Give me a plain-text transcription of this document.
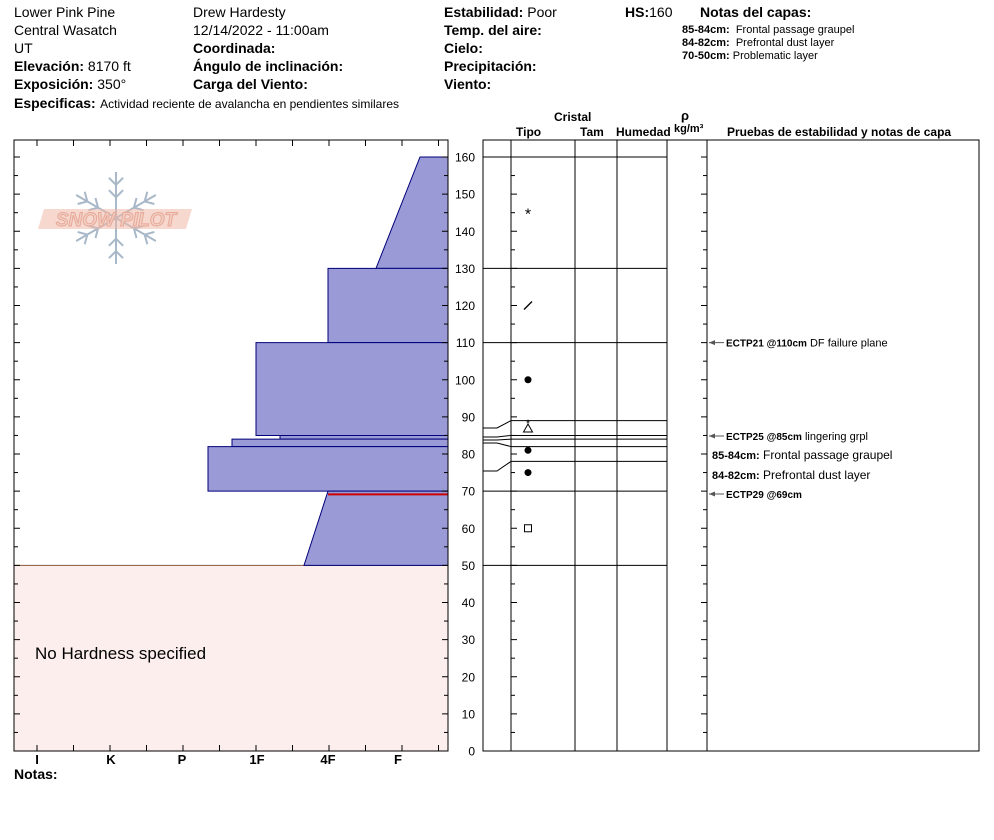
Lower Pink Pine
Central Wasatch
UT
Elevación: 8170 ft
Exposición: 350°
Especificas: Actividad reciente de avalancha en pendientes similares
Drew Hardesty
12/14/2022 - 11:00am
Coordinada:
Ángulo de inclinación:
Carga del Viento:
Estabilidad: Poor
Temp. del aire:
Cielo:
Precipitación:
Viento:
HS:160 Notas del capas:
85-84cm: Frontal passage graupel
84-82cm: Prefrontal dust layer
70-50cm: Problematic layer
Cristal
Tipo	Tam Humedad
ρ
kg/m³ Pruebas de estabilidad y notas de capa
SNOW PILOT
0
10
20
30
40
50
60
70
80
90
100
110
120
130
140
150
160
*
*
ECTP21 @110cm DF failure plane
ECTP25 @85cm lingering grpl
ECTP29 @69cm
85-84cm: Frontal passage graupel
84-82cm: Prefrontal dust layer
I	K	P	1F	4F	F
No Hardness specified
Notas:
